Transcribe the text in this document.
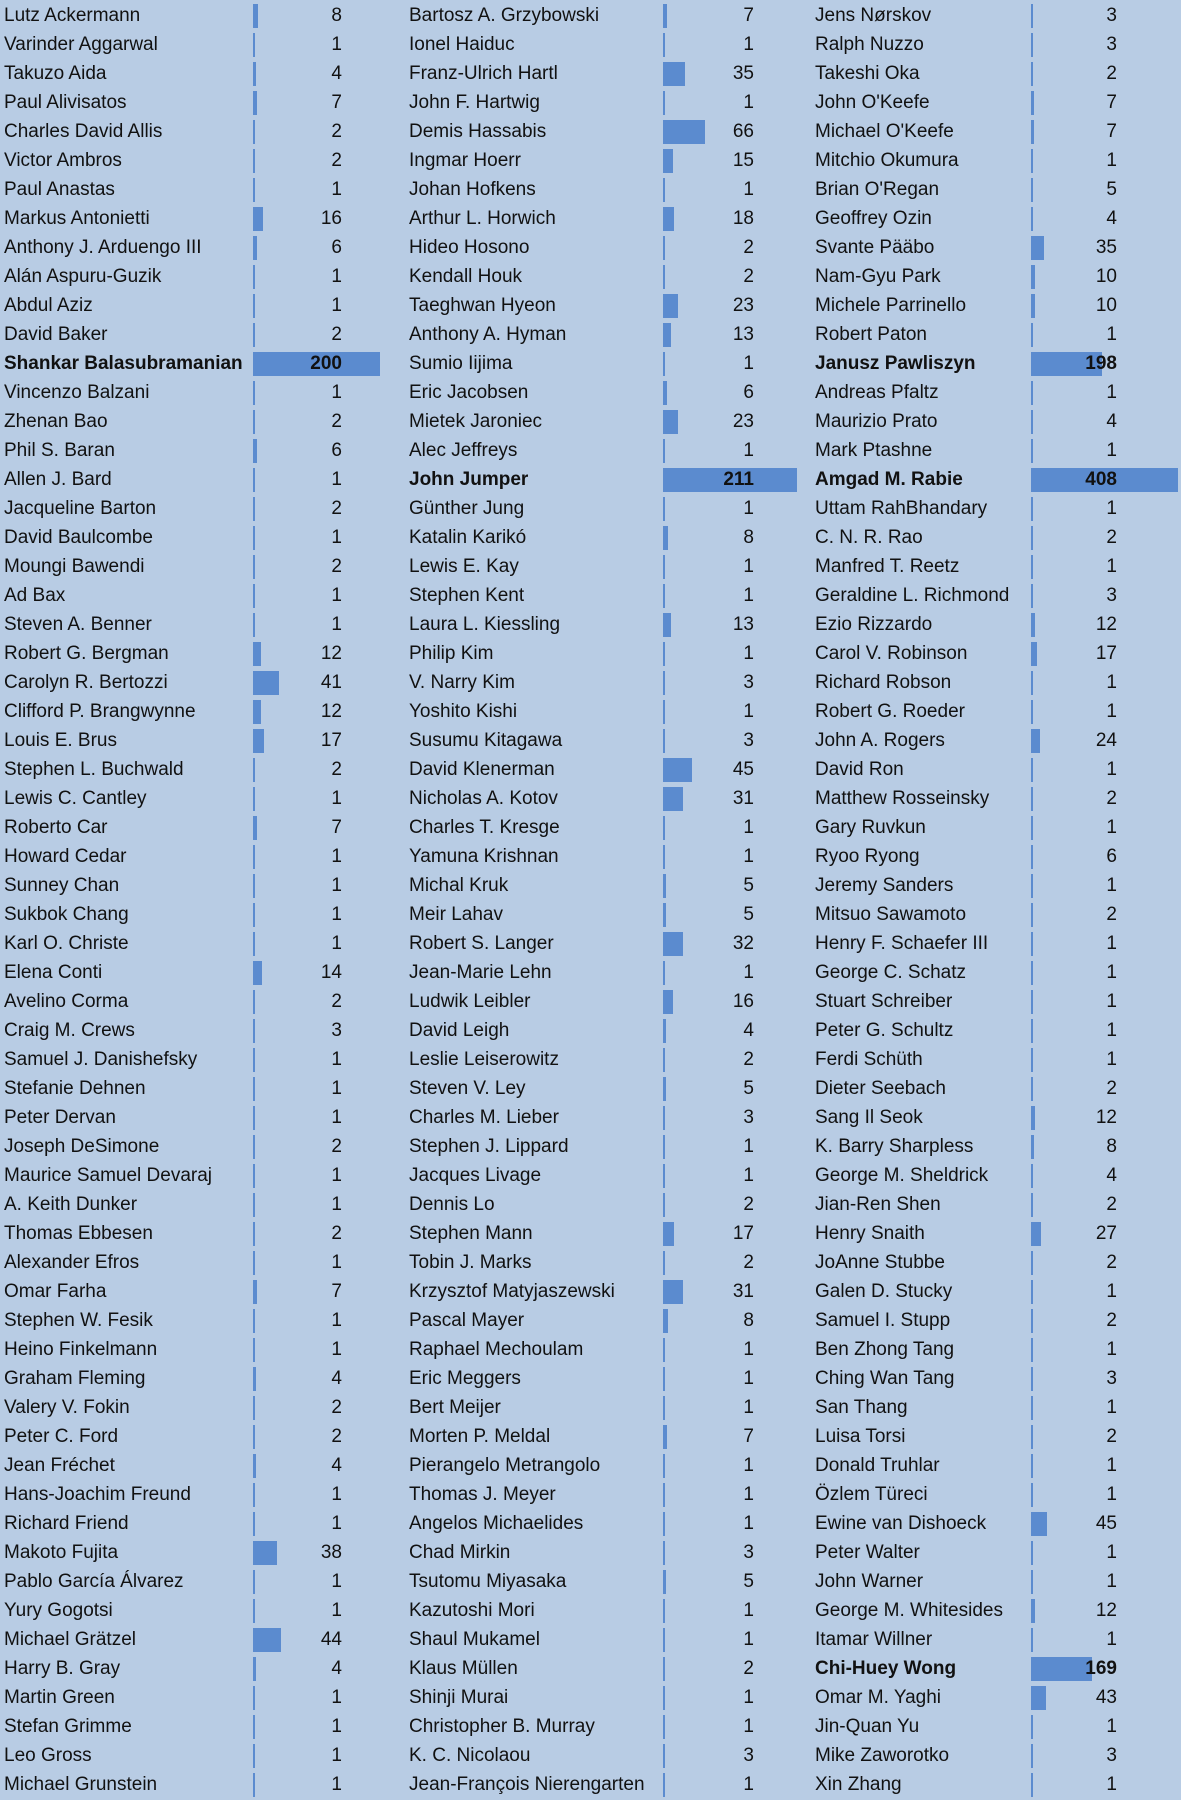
Lutz Ackermann	8
Varinder Aggarwal	1
Takuzo Aida	4
Paul Alivisatos	7
Charles David Allis	2
Victor Ambros	2
Paul Anastas	1
Markus Antonietti	16
Anthony J. Arduengo III	6
Alán Aspuru-Guzik	1
Abdul Aziz	1
David Baker	2
Shankar Balasubramanian	200
Vincenzo Balzani	1
Zhenan Bao	2
Phil S. Baran	6
Allen J. Bard	1
Jacqueline Barton	2
David Baulcombe	1
Moungi Bawendi	2
Ad Bax	1
Steven A. Benner	1
Robert G. Bergman	12
Carolyn R. Bertozzi	41
Clifford P. Brangwynne	12
Louis E. Brus	17
Stephen L. Buchwald	2
Lewis C. Cantley	1
Roberto Car	7
Howard Cedar	1
Sunney Chan	1
Sukbok Chang	1
Karl O. Christe	1
Elena Conti	14
Avelino Corma	2
Craig M. Crews	3
Samuel J. Danishefsky	1
Stefanie Dehnen	1
Peter Dervan	1
Joseph DeSimone	2
Maurice Samuel Devaraj	1
A. Keith Dunker	1
Thomas Ebbesen	2
Alexander Efros	1
Omar Farha	7
Stephen W. Fesik	1
Heino Finkelmann	1
Graham Fleming	4
Valery V. Fokin	2
Peter C. Ford	2
Jean Fréchet	4
Hans-Joachim Freund	1
Richard Friend	1
Makoto Fujita	38
Pablo García Álvarez	1
Yury Gogotsi	1
Michael Grätzel	44
Harry B. Gray	4
Martin Green	1
Stefan Grimme	1
Leo Gross	1
Michael Grunstein	1
Bartosz A. Grzybowski	7
Ionel Haiduc	1
Franz-Ulrich Hartl	35
John F. Hartwig	1
Demis Hassabis	66
Ingmar Hoerr	15
Johan Hofkens	1
Arthur L. Horwich	18
Hideo Hosono	2
Kendall Houk	2
Taeghwan Hyeon	23
Anthony A. Hyman	13
Sumio Iijima	1
Eric Jacobsen	6
Mietek Jaroniec	23
Alec Jeffreys	1
John Jumper	211
Günther Jung	1
Katalin Karikó	8
Lewis E. Kay	1
Stephen Kent	1
Laura L. Kiessling	13
Philip Kim	1
V. Narry Kim	3
Yoshito Kishi	1
Susumu Kitagawa	3
David Klenerman	45
Nicholas A. Kotov	31
Charles T. Kresge	1
Yamuna Krishnan	1
Michal Kruk	5
Meir Lahav	5
Robert S. Langer	32
Jean-Marie Lehn	1
Ludwik Leibler	16
David Leigh	4
Leslie Leiserowitz	2
Steven V. Ley	5
Charles M. Lieber	3
Stephen J. Lippard	1
Jacques Livage	1
Dennis Lo	2
Stephen Mann	17
Tobin J. Marks	2
Krzysztof Matyjaszewski	31
Pascal Mayer	8
Raphael Mechoulam	1
Eric Meggers	1
Bert Meijer	1
Morten P. Meldal	7
Pierangelo Metrangolo	1
Thomas J. Meyer	1
Angelos Michaelides	1
Chad Mirkin	3
Tsutomu Miyasaka	5
Kazutoshi Mori	1
Shaul Mukamel	1
Klaus Müllen	2
Shinji Murai	1
Christopher B. Murray	1
K. C. Nicolaou	3
Jean-François Nierengarten	1
Jens Nørskov	3
Ralph Nuzzo	3
Takeshi Oka	2
John O'Keefe	7
Michael O'Keefe	7
Mitchio Okumura	1
Brian O'Regan	5
Geoffrey Ozin	4
Svante Pääbo	35
Nam-Gyu Park	10
Michele Parrinello	10
Robert Paton	1
Janusz Pawliszyn	198
Andreas Pfaltz	1
Maurizio Prato	4
Mark Ptashne	1
Amgad M. Rabie	408
Uttam RahBhandary	1
C. N. R. Rao	2
Manfred T. Reetz	1
Geraldine L. Richmond	3
Ezio Rizzardo	12
Carol V. Robinson	17
Richard Robson	1
Robert G. Roeder	1
John A. Rogers	24
David Ron	1
Matthew Rosseinsky	2
Gary Ruvkun	1
Ryoo Ryong	6
Jeremy Sanders	1
Mitsuo Sawamoto	2
Henry F. Schaefer III	1
George C. Schatz	1
Stuart Schreiber	1
Peter G. Schultz	1
Ferdi Schüth	1
Dieter Seebach	2
Sang Il Seok	12
K. Barry Sharpless	8
George M. Sheldrick	4
Jian-Ren Shen	2
Henry Snaith	27
JoAnne Stubbe	2
Galen D. Stucky	1
Samuel I. Stupp	2
Ben Zhong Tang	1
Ching Wan Tang	3
San Thang	1
Luisa Torsi	2
Donald Truhlar	1
Özlem Türeci	1
Ewine van Dishoeck	45
Peter Walter	1
John Warner	1
George M. Whitesides	12
Itamar Willner	1
Chi-Huey Wong	169
Omar M. Yaghi	43
Jin-Quan Yu	1
Mike Zaworotko	3
Xin Zhang	1
